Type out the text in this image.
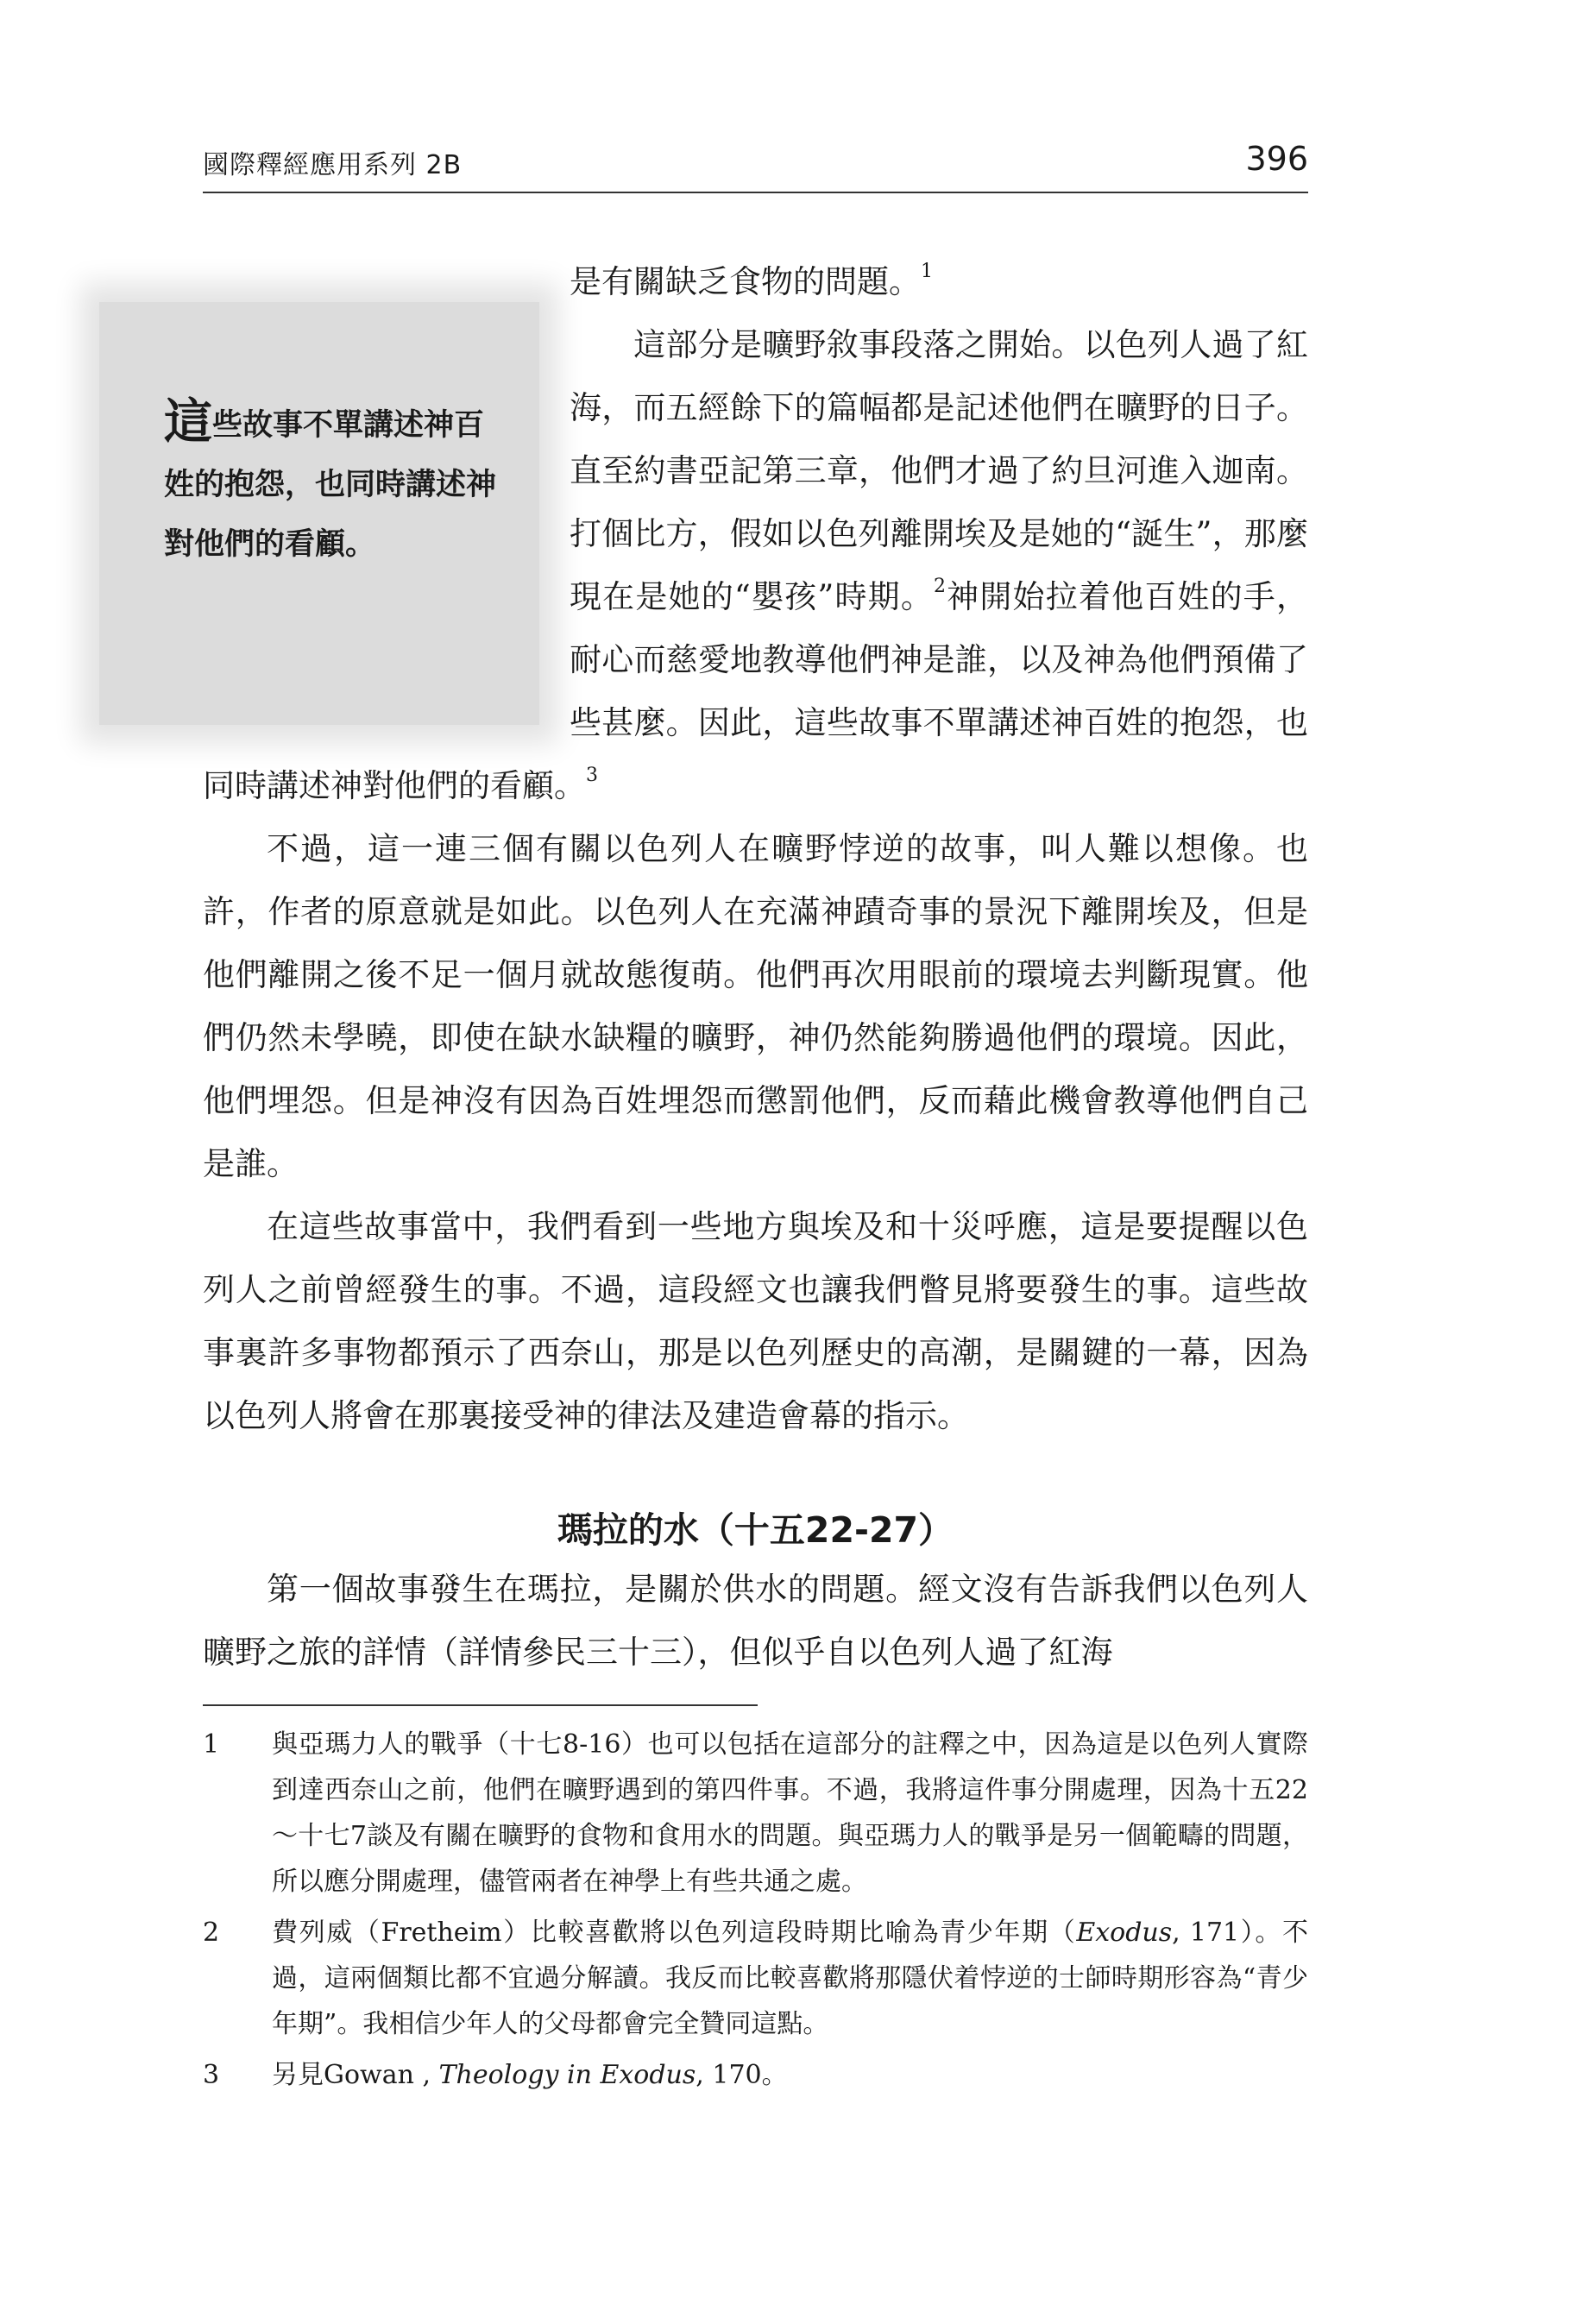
國際釋經應用系列 2B	396
這些故事不單講述神百姓的抱怨，也同時講述神對他們的看顧。

是有關缺乏食物的問題。$^1$

這部分是曠野敘事段落之開始。以色列人過了紅海，而五經餘下的篇幅都是記述他們在曠野的日子。直至約書亞記第三章，他們才過了約旦河進入迦南。打個比方，假如以色列離開埃及是她的“誕生”，那麼現在是她的“嬰孩”時期。$^2$神開始拉着他百姓的手，耐心而慈愛地教導他們神是誰，以及神為他們預備了些甚麼。因此，這些故事不單講述神百姓的抱怨，也同時講述神對他們的看顧。$^3$

不過，這一連三個有關以色列人在曠野悖逆的故事，叫人難以想像。也許，作者的原意就是如此。以色列人在充滿神蹟奇事的景況下離開埃及，但是他們離開之後不足一個月就故態復萌。他們再次用眼前的環境去判斷現實。他們仍然未學曉，即使在缺水缺糧的曠野，神仍然能夠勝過他們的環境。因此，他們埋怨。但是神沒有因為百姓埋怨而懲罰他們，反而藉此機會教導他們自己是誰。

在這些故事當中，我們看到一些地方與埃及和十災呼應，這是要提醒以色列人之前曾經發生的事。不過，這段經文也讓我們瞥見將要發生的事。這些故事裏許多事物都預示了西奈山，那是以色列歷史的高潮，是關鍵的一幕，因為以色列人將會在那裏接受神的律法及建造會幕的指示。

瑪拉的水（十五22-27）

第一個故事發生在瑪拉，是關於供水的問題。經文沒有告訴我們以色列人曠野之旅的詳情（詳情參民三十三），但似乎自以色列人過了紅海

1	與亞瑪力人的戰爭（十七8-16）也可以包括在這部分的註釋之中，因為這是以色列人實際到達西奈山之前，他們在曠野遇到的第四件事。不過，我將這件事分開處理，因為十五22～十七7談及有關在曠野的食物和食用水的問題。與亞瑪力人的戰爭是另一個範疇的問題，所以應分開處理，儘管兩者在神學上有些共通之處。
2	費列威（Fretheim）比較喜歡將以色列這段時期比喻為青少年期（Exodus, 171）。不過，這兩個類比都不宜過分解讀。我反而比較喜歡將那隱伏着悖逆的士師時期形容為“青少年期”。我相信少年人的父母都會完全贊同這點。
3	另見Gowan , Theology in Exodus, 170。
